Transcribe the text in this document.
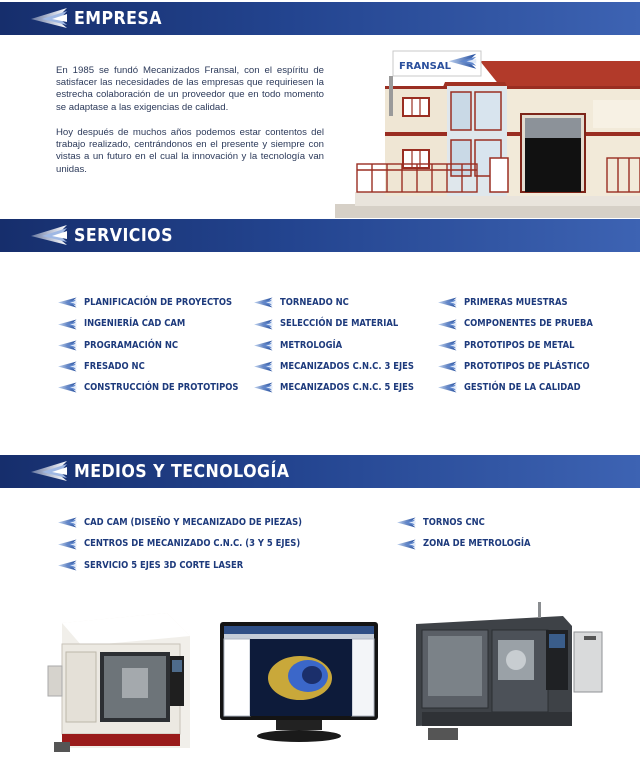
EMPRESA

En 1985 se fundó Mecanizados Fransal, con el espíritu de satisfacer las necesidades de las empresas que requiriesen la estrecha colaboración de un proveedor que en todo momento se adaptase a las exigencias de calidad.

Hoy después de muchos años podemos estar contentos del trabajo realizado, centrándonos en el presente y siempre con vistas a un futuro en el cual la innovación y la tecnología van unidas.

FRANSAL
SERVICIOS
PLANIFICACIÓN DE PROYECTOS
INGENIERÍA CAD CAM
PROGRAMACIÓN NC
FRESADO NC
CONSTRUCCIÓN DE PROTOTIPOS
TORNEADO NC
SELECCIÓN DE MATERIAL
METROLOGÍA
MECANIZADOS C.N.C. 3 EJES
MECANIZADOS C.N.C. 5 EJES
PRIMERAS MUESTRAS
COMPONENTES DE PRUEBA
PROTOTIPOS DE METAL
PROTOTIPOS DE PLÁSTICO
GESTIÓN DE LA CALIDAD
MEDIOS Y TECNOLOGÍA
CAD CAM (DISEÑO Y MECANIZADO DE PIEZAS)
CENTROS DE MECANIZADO C.N.C. (3 Y 5 EJES)
SERVICIO 5 EJES 3D CORTE LASER
TORNOS CNC
ZONA DE METROLOGÍA
